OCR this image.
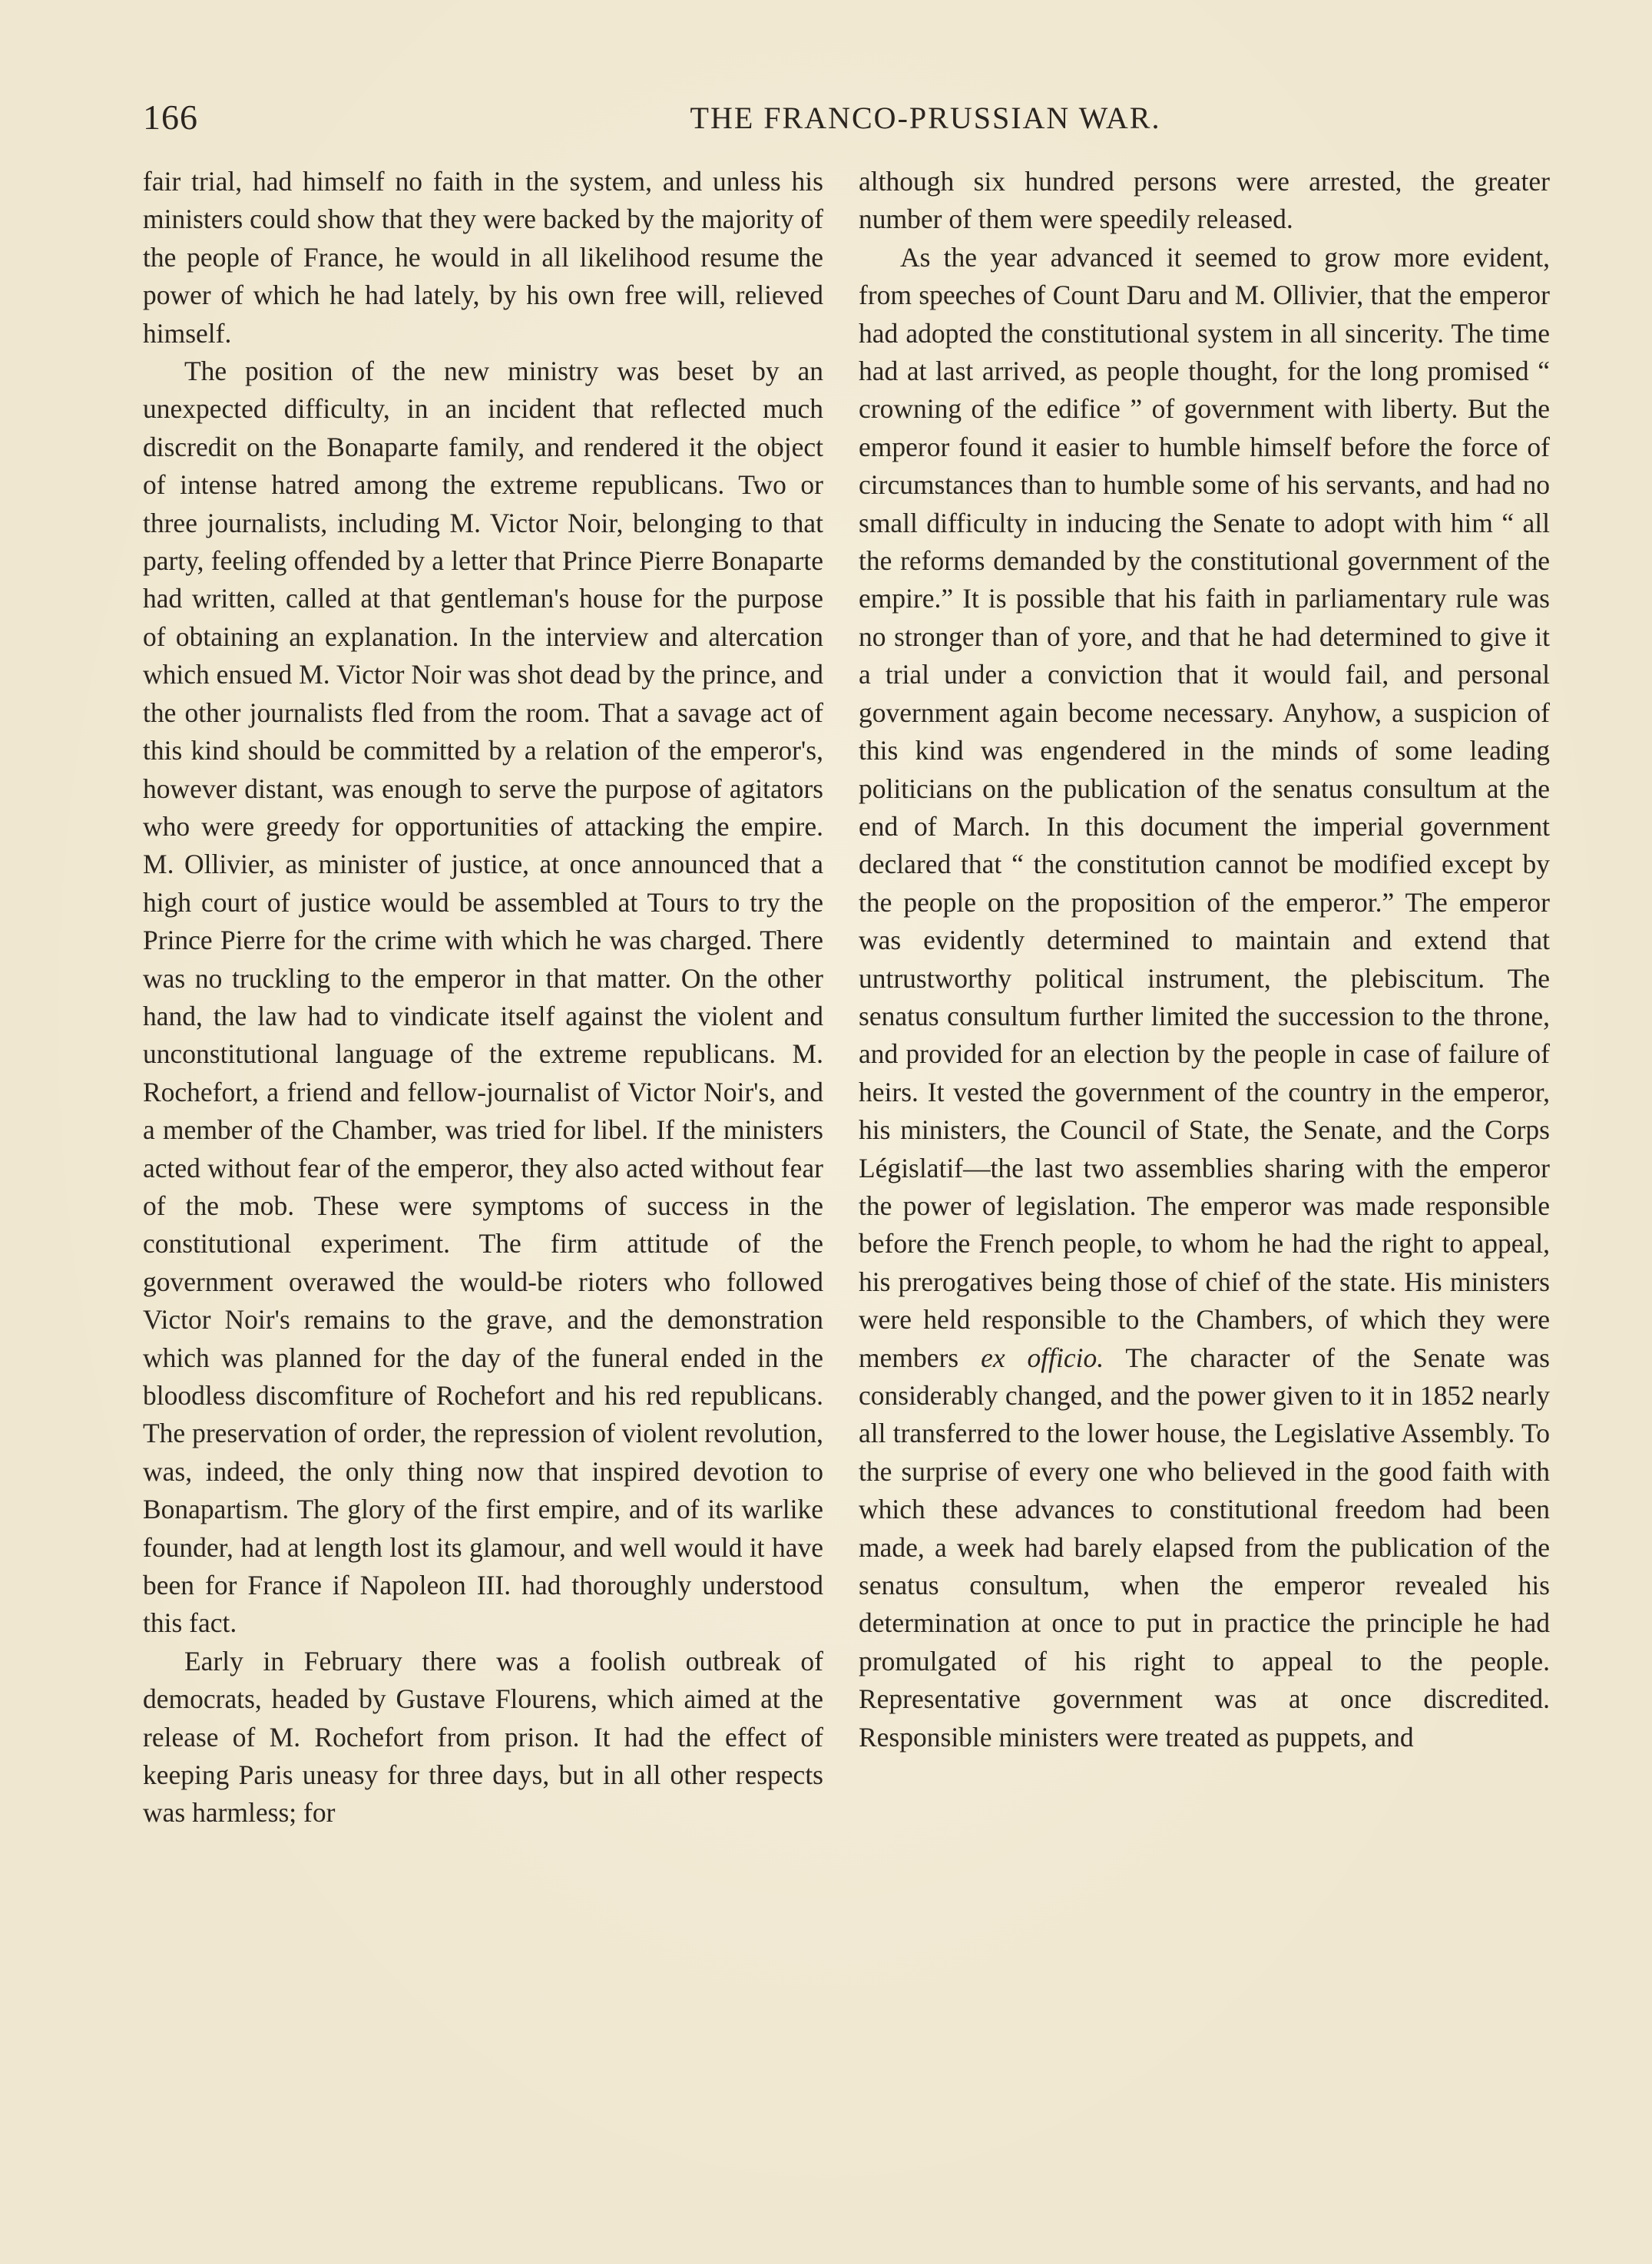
166	THE FRANCO-PRUSSIAN WAR.

fair trial, had himself no faith in the system, and unless his ministers could show that they were backed by the majority of the people of France, he would in all likelihood resume the power of which he had lately, by his own free will, relieved himself.

The position of the new ministry was beset by an unexpected difficulty, in an incident that reflected much discredit on the Bonaparte family, and rendered it the object of intense hatred among the extreme republicans. Two or three journalists, including M. Victor Noir, belonging to that party, feeling offended by a letter that Prince Pierre Bonaparte had written, called at that gentleman's house for the purpose of obtaining an explanation. In the interview and altercation which ensued M. Victor Noir was shot dead by the prince, and the other journalists fled from the room. That a savage act of this kind should be committed by a relation of the emperor's, however distant, was enough to serve the purpose of agitators who were greedy for opportunities of attacking the empire. M. Ollivier, as minister of justice, at once announced that a high court of justice would be assembled at Tours to try the Prince Pierre for the crime with which he was charged. There was no truckling to the emperor in that matter. On the other hand, the law had to vindicate itself against the violent and unconstitutional language of the extreme republicans. M. Rochefort, a friend and fellow-journalist of Victor Noir's, and a member of the Chamber, was tried for libel. If the ministers acted without fear of the emperor, they also acted without fear of the mob. These were symptoms of success in the constitutional experiment. The firm attitude of the government overawed the would-be rioters who followed Victor Noir's remains to the grave, and the demonstration which was planned for the day of the funeral ended in the bloodless discomfiture of Rochefort and his red republicans. The preservation of order, the repression of violent revolution, was, indeed, the only thing now that inspired devotion to Bonapartism. The glory of the first empire, and of its warlike founder, had at length lost its glamour, and well would it have been for France if Napoleon III. had thoroughly understood this fact.

Early in February there was a foolish outbreak of democrats, headed by Gustave Flourens, which aimed at the release of M. Rochefort from prison. It had the effect of keeping Paris uneasy for three days, but in all other respects was harmless; for

although six hundred persons were arrested, the greater number of them were speedily released.

As the year advanced it seemed to grow more evident, from speeches of Count Daru and M. Ollivier, that the emperor had adopted the constitutional system in all sincerity. The time had at last arrived, as people thought, for the long promised “ crowning of the edifice ” of government with liberty. But the emperor found it easier to humble himself before the force of circumstances than to humble some of his servants, and had no small difficulty in inducing the Senate to adopt with him “ all the reforms demanded by the constitutional government of the empire.” It is possible that his faith in parliamentary rule was no stronger than of yore, and that he had determined to give it a trial under a conviction that it would fail, and personal government again become necessary. Anyhow, a suspicion of this kind was engendered in the minds of some leading politicians on the publication of the senatus consultum at the end of March. In this document the imperial government declared that “ the constitution cannot be modified except by the people on the proposition of the emperor.” The emperor was evidently determined to maintain and extend that untrustworthy political instrument, the plebiscitum. The senatus consultum further limited the succession to the throne, and provided for an election by the people in case of failure of heirs. It vested the government of the country in the emperor, his ministers, the Council of State, the Senate, and the Corps Législatif—the last two assemblies sharing with the emperor the power of legislation. The emperor was made responsible before the French people, to whom he had the right to appeal, his prerogatives being those of chief of the state. His ministers were held responsible to the Chambers, of which they were members ex officio. The character of the Senate was considerably changed, and the power given to it in 1852 nearly all transferred to the lower house, the Legislative Assembly. To the surprise of every one who believed in the good faith with which these advances to constitutional freedom had been made, a week had barely elapsed from the publication of the senatus consultum, when the emperor revealed his determination at once to put in practice the principle he had promulgated of his right to appeal to the people. Representative government was at once discredited. Responsible ministers were treated as puppets, and
